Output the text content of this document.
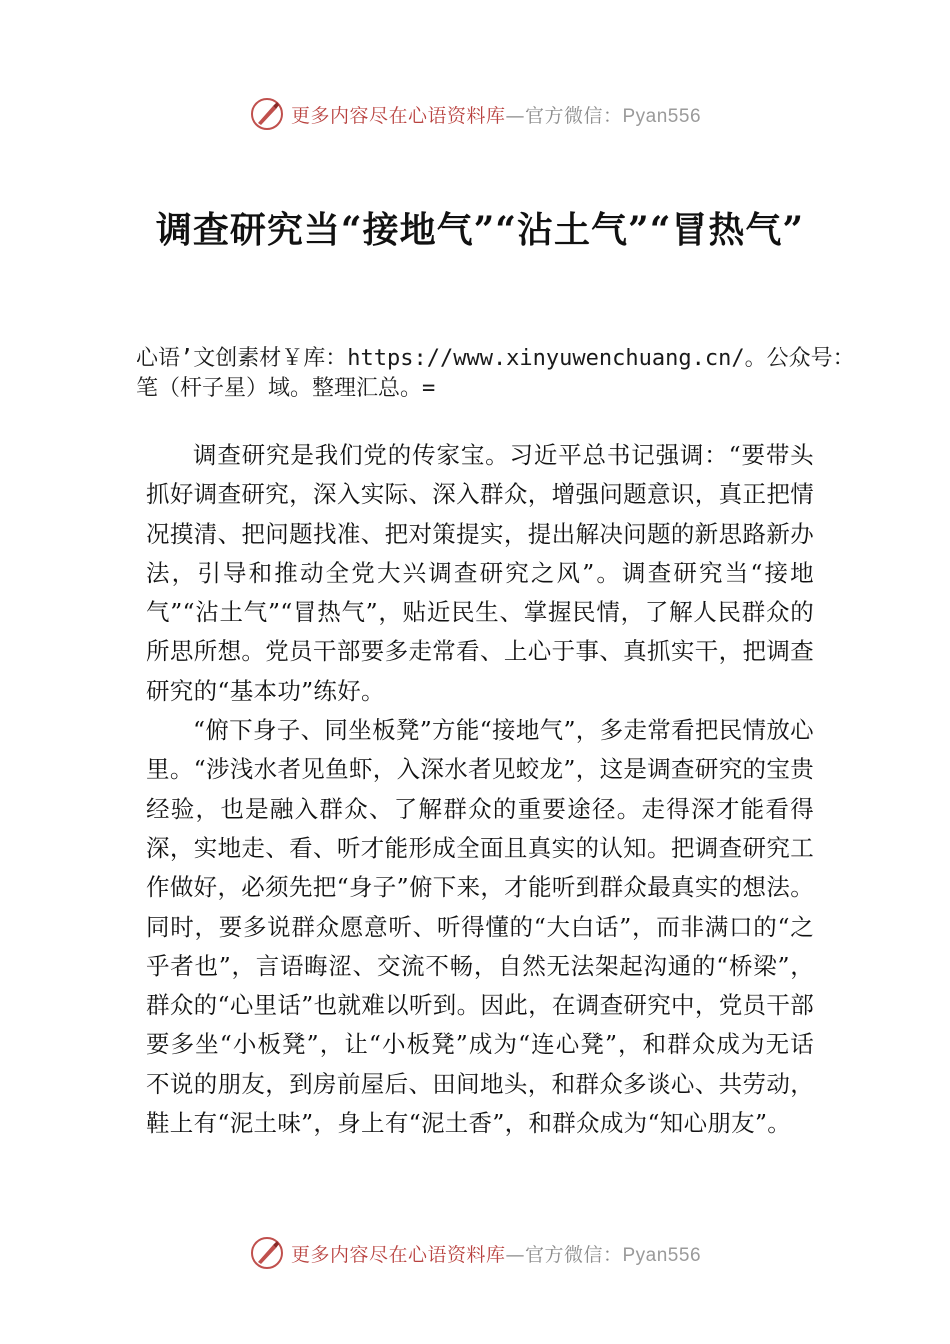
更多内容尽在心语资料库—官方微信：Pyan556
调查研究当“接地气”“沾土气”“冒热气”

心语’文创素材￥库：https://www.xinyuwenchuang.cn/。公众号：笔（杆子星）域。整理汇总。=

调查研究是我们党的传家宝。习近平总书记强调：“要带头抓好调查研究，深入实际、深入群众，增强问题意识，真正把情况摸清、把问题找准、把对策提实，提出解决问题的新思路新办法，引导和推动全党大兴调查研究之风”。调查研究当“接地气”“沾土气”“冒热气”，贴近民生、掌握民情，了解人民群众的所思所想。党员干部要多走常看、上心于事、真抓实干，把调查研究的“基本功”练好。

“俯下身子、同坐板凳”方能“接地气”，多走常看把民情放心里。“涉浅水者见鱼虾，入深水者见蛟龙”，这是调查研究的宝贵经验，也是融入群众、了解群众的重要途径。走得深才能看得深，实地走、看、听才能形成全面且真实的认知。把调查研究工作做好，必须先把“身子”俯下来，才能听到群众最真实的想法。同时，要多说群众愿意听、听得懂的“大白话”，而非满口的“之乎者也”，言语晦涩、交流不畅，自然无法架起沟通的“桥梁”，群众的“心里话”也就难以听到。因此，在调查研究中，党员干部要多坐“小板凳”，让“小板凳”成为“连心凳”，和群众成为无话不说的朋友，到房前屋后、田间地头，和群众多谈心、共劳动，鞋上有“泥土味”，身上有“泥土香”，和群众成为“知心朋友”。

更多内容尽在心语资料库—官方微信：Pyan556
